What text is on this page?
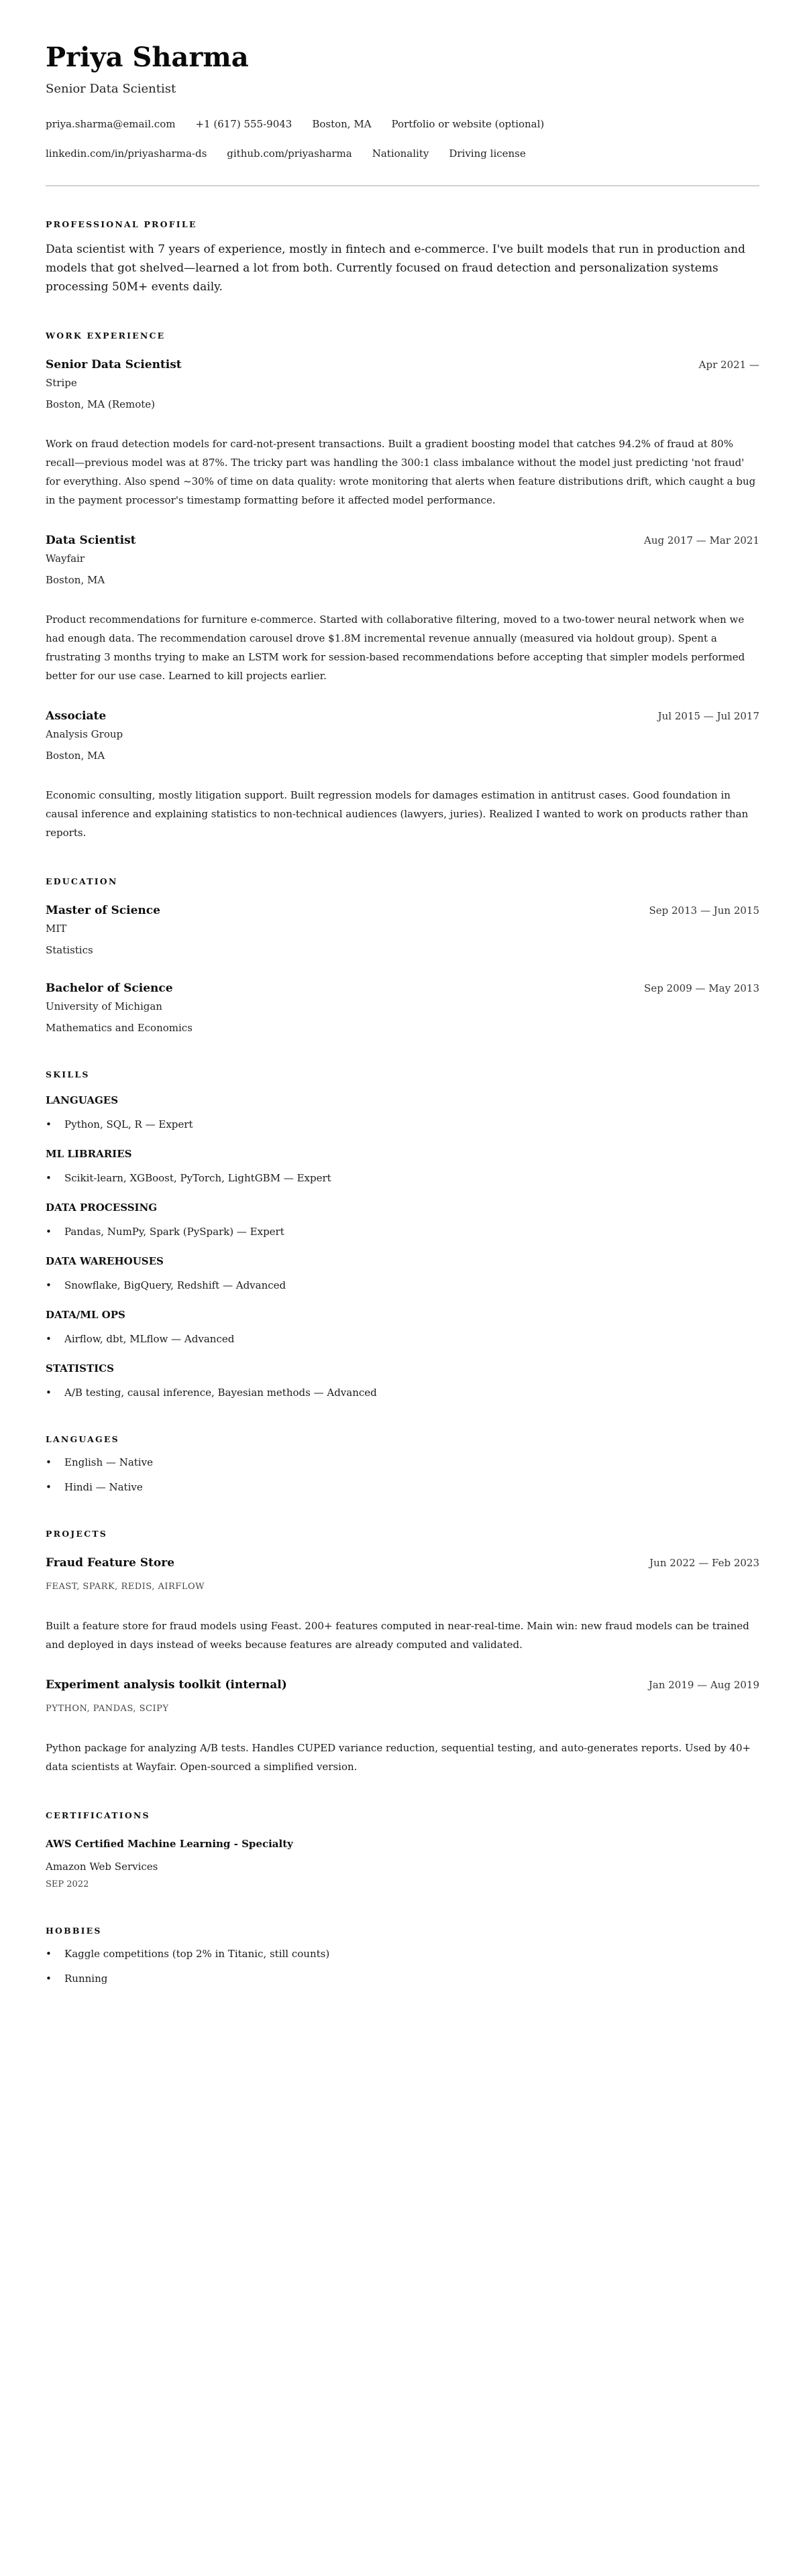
Priya Sharma
Senior Data Scientist
priya.sharma@email.com +1 (617) 555-9043 Boston, MA Portfolio or website (optional)
linkedin.com/in/priyasharma-ds github.com/priyasharma Nationality Driving license
PROFESSIONAL PROFILE

Data scientist with 7 years of experience, mostly in fintech and e-commerce. I've built models that run in production and models that got shelved—learned a lot from both. Currently focused on fraud detection and personalization systems processing 50M+ events daily.

WORK EXPERIENCE
Senior Data Scientist	Apr 2021 —
Stripe
Boston, MA (Remote)

Work on fraud detection models for card-not-present transactions. Built a gradient boosting model that catches 94.2% of fraud at 80% recall—previous model was at 87%. The tricky part was handling the 300:1 class imbalance without the model just predicting 'not fraud' for everything. Also spend ~30% of time on data quality: wrote monitoring that alerts when feature distributions drift, which caught a bug in the payment processor's timestamp formatting before it affected model performance.

Data Scientist	Aug 2017 — Mar 2021
Wayfair
Boston, MA

Product recommendations for furniture e-commerce. Started with collaborative filtering, moved to a two-tower neural network when we had enough data. The recommendation carousel drove $1.8M incremental revenue annually (measured via holdout group). Spent a frustrating 3 months trying to make an LSTM work for session-based recommendations before accepting that simpler models performed better for our use case. Learned to kill projects earlier.

Associate	Jul 2015 — Jul 2017
Analysis Group
Boston, MA

Economic consulting, mostly litigation support. Built regression models for damages estimation in antitrust cases. Good foundation in causal inference and explaining statistics to non-technical audiences (lawyers, juries). Realized I wanted to work on products rather than reports.

EDUCATION
Master of Science	Sep 2013 — Jun 2015
MIT
Statistics
Bachelor of Science	Sep 2009 — May 2013
University of Michigan
Mathematics and Economics
SKILLS
LANGUAGES
• Python, SQL, R — Expert
ML LIBRARIES
• Scikit-learn, XGBoost, PyTorch, LightGBM — Expert
DATA PROCESSING
• Pandas, NumPy, Spark (PySpark) — Expert
DATA WAREHOUSES
• Snowflake, BigQuery, Redshift — Advanced
DATA/ML OPS
• Airflow, dbt, MLflow — Advanced
STATISTICS
• A/B testing, causal inference, Bayesian methods — Advanced
LANGUAGES
• English — Native
• Hindi — Native
PROJECTS
Fraud Feature Store	Jun 2022 — Feb 2023
FEAST, SPARK, REDIS, AIRFLOW

Built a feature store for fraud models using Feast. 200+ features computed in near-real-time. Main win: new fraud models can be trained and deployed in days instead of weeks because features are already computed and validated.

Experiment analysis toolkit (internal)	Jan 2019 — Aug 2019
PYTHON, PANDAS, SCIPY

Python package for analyzing A/B tests. Handles CUPED variance reduction, sequential testing, and auto-generates reports. Used by 40+ data scientists at Wayfair. Open-sourced a simplified version.

CERTIFICATIONS
AWS Certified Machine Learning - Specialty
Amazon Web Services
SEP 2022
HOBBIES
• Kaggle competitions (top 2% in Titanic, still counts)
• Running
